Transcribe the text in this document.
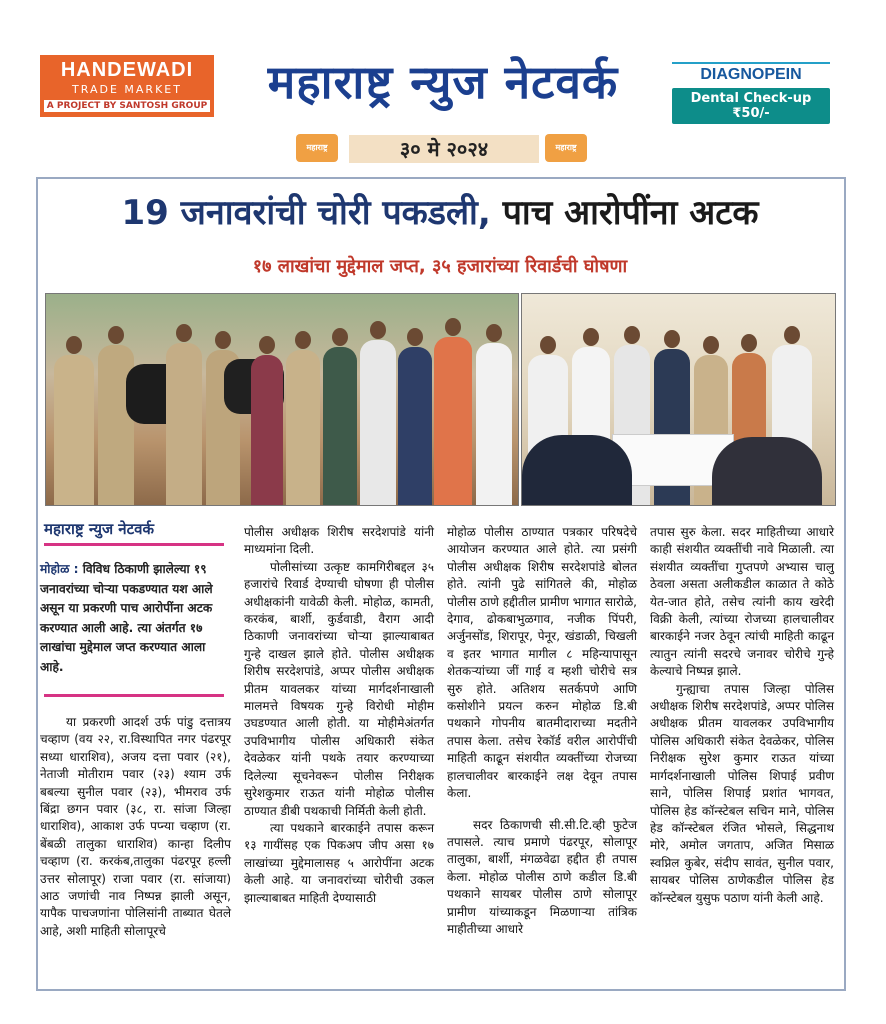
HANDEWADI
TRADE MARKET
A PROJECT BY SANTOSH GROUP	महाराष्ट्र न्युज नेटवर्क	DIAGNOPEIN
Dental Check-up ₹50/-
महाराष्ट्र	३० मे २०२४	महाराष्ट्र
19 जनावरांची चोरी पकडली, पाच आरोपींना अटक
१७ लाखांचा मुद्देमाल जप्त, ३५ हजारांच्या रिवार्डची घोषणा
महाराष्ट्र न्युज नेटवर्क
मोहोळ : विविध ठिकाणी झालेल्या १९ जनावरांच्या चोऱ्या पकडण्यात यश आले असून या प्रकरणी पाच आरोपींना अटक करण्यात आली आहे. त्या अंतर्गत १७ लाखांचा मुद्देमाल जप्त करण्यात आला आहे.

या प्रकरणी आदर्श उर्फ पांडु दत्तात्रय चव्हाण (वय २२, रा.विस्थापित नगर पंढरपूर सध्या धाराशिव), अजय दत्ता पवार (२१), नेताजी मोतीराम पवार (२३) श्याम उर्फ बबल्या सुनील पवार (२३), भीमराव उर्फ बिंद्रा छगन पवार (३८, रा. सांजा जिल्हा धाराशिव), आकाश उर्फ पप्न्या चव्हाण (रा. बेंबळी तालुका धाराशिव) कान्हा दिलीप चव्हाण (रा. करकंब,तालुका पंढरपूर हल्ली उत्तर सोलापूर) राजा पवार (रा. सांजाया) आठ जणांची नाव निष्पन्न झाली असून, यापैक पाचजणांना पोलिसांनी ताब्यात घेतले आहे, अशी माहिती सोलापूरचे

पोलीस अधीक्षक शिरीष सरदेशपांडे यांनी माध्यमांना दिली.

पोलीसांच्या उत्कृष्ट कामगिरीबद्दल ३५ हजारांचे रिवार्ड देण्याची घोषणा ही पोलीस अधीक्षकांनी यावेळी केली. मोहोळ, कामती, करकंब, बार्शी, कुर्डवाडी, वैराग आदी ठिकाणी जनावरांच्या चोऱ्या झाल्याबाबत गुन्हे दाखल झाले होते. पोलीस अधीक्षक शिरीष सरदेशपांडे, अप्पर पोलीस अधीक्षक प्रीतम यावलकर यांच्या मार्गदर्शनाखाली मालमत्ते विषयक गुन्हे विरोधी मोहीम उघडण्यात आली होती. या मोहीमेअंतर्गत उपविभागीय पोलीस अधिकारी संकेत देवळेकर यांनी पथके तयार करण्याच्या दिलेल्या सूचनेवरून पोलीस निरीक्षक सुरेशकुमार राऊत यांनी मोहोळ पोलीस ठाण्यात डीबी पथकाची निर्मिती केली होती.

त्या पथकाने बारकाईने तपास करून १३ गायींसह एक पिकअप जीप असा १७ लाखांच्या मुद्देमालासह ५ आरोपींना अटक केली आहे. या जनावरांच्या चोरीची उकल झाल्याबाबत माहिती देण्यासाठी

मोहोळ पोलीस ठाण्यात पत्रकार परिषदेचे आयोजन करण्यात आले होते. त्या प्रसंगी पोलीस अधीक्षक शिरीष सरदेशपांडे बोलत होते. त्यांनी पुढे सांगितले की, मोहोळ पोलीस ठाणे हद्दीतील प्रामीण भागात सारोळे, देगाव, ढोकबाभुळगाव, नजीक पिंपरी, अर्जुनसोंड, शिरापूर, पेनूर, खंडाळी, चिखली व इतर भागात मागील ८ महिन्यापासून शेतकऱ्यांच्या जीं गाई व म्हशी चोरीचे सत्र सुरु होते. अतिशय सतर्कपणे आणि कसोशीने प्रयत्न करुन मोहोळ डि.बी पथकाने गोपनीय बातमीदाराच्या मदतीने तपास केला. तसेच रेकॉर्ड वरील आरोपींची माहिती काढून संशयीत व्यक्तींच्या रोजच्या हालचालीवर बारकाईने लक्ष देवून तपास केला.

सदर ठिकाणची सी.सी.टि.व्ही फुटेज तपासले. त्याच प्रमाणे पंढरपूर, सोलापूर तालुका, बार्शी, मंगळवेढा हद्दीत ही तपास केला. मोहोळ पोलीस ठाणे कडील डि.बी पथकाने सायबर पोलीस ठाणे सोलापूर प्रामीण यांच्याकडून मिळणाऱ्या तांत्रिक माहीतीच्या आधारे

तपास सुरु केला. सदर माहितीच्या आधारे काही संशयीत व्यक्तींची नावे मिळाली. त्या संशयीत व्यक्तींचा गुप्तपणे अभ्यास चालु ठेवला असता अलीकडील काळात ते कोठे येत-जात होते, तसेच त्यांनी काय खरेदी विक्री केली, त्यांच्या रोजच्या हालचालीवर बारकाईने नजर ठेवून त्यांची माहिती काढून त्यातुन त्यांनी सदरचे जनावर चोरीचे गुन्हे केल्याचे निष्पन्न झाले.

गुन्ह्याचा तपास जिल्हा पोलिस अधीक्षक शिरीष सरदेशपांडे, अप्पर पोलिस अधीक्षक प्रीतम यावलकर उपविभागीय पोलिस अधिकारी संकेत देवळेकर, पोलिस निरीक्षक सुरेश कुमार राऊत यांच्या मार्गदर्शनाखाली पोलिस शिपाई प्रवीण साने, पोलिस शिपाई प्रशांत भागवत, पोलिस हेड कॉन्स्टेबल सचिन माने, पोलिस हेड कॉन्स्टेबल रंजित भोसले, सिद्धनाथ मोरे, अमोल जगताप, अजित मिसाळ स्वप्निल कुबेर, संदीप सावंत, सुनील पवार, सायबर पोलिस ठाणेकडील पोलिस हेड कॉन्स्टेबल युसुफ पठाण यांनी केली आहे.
